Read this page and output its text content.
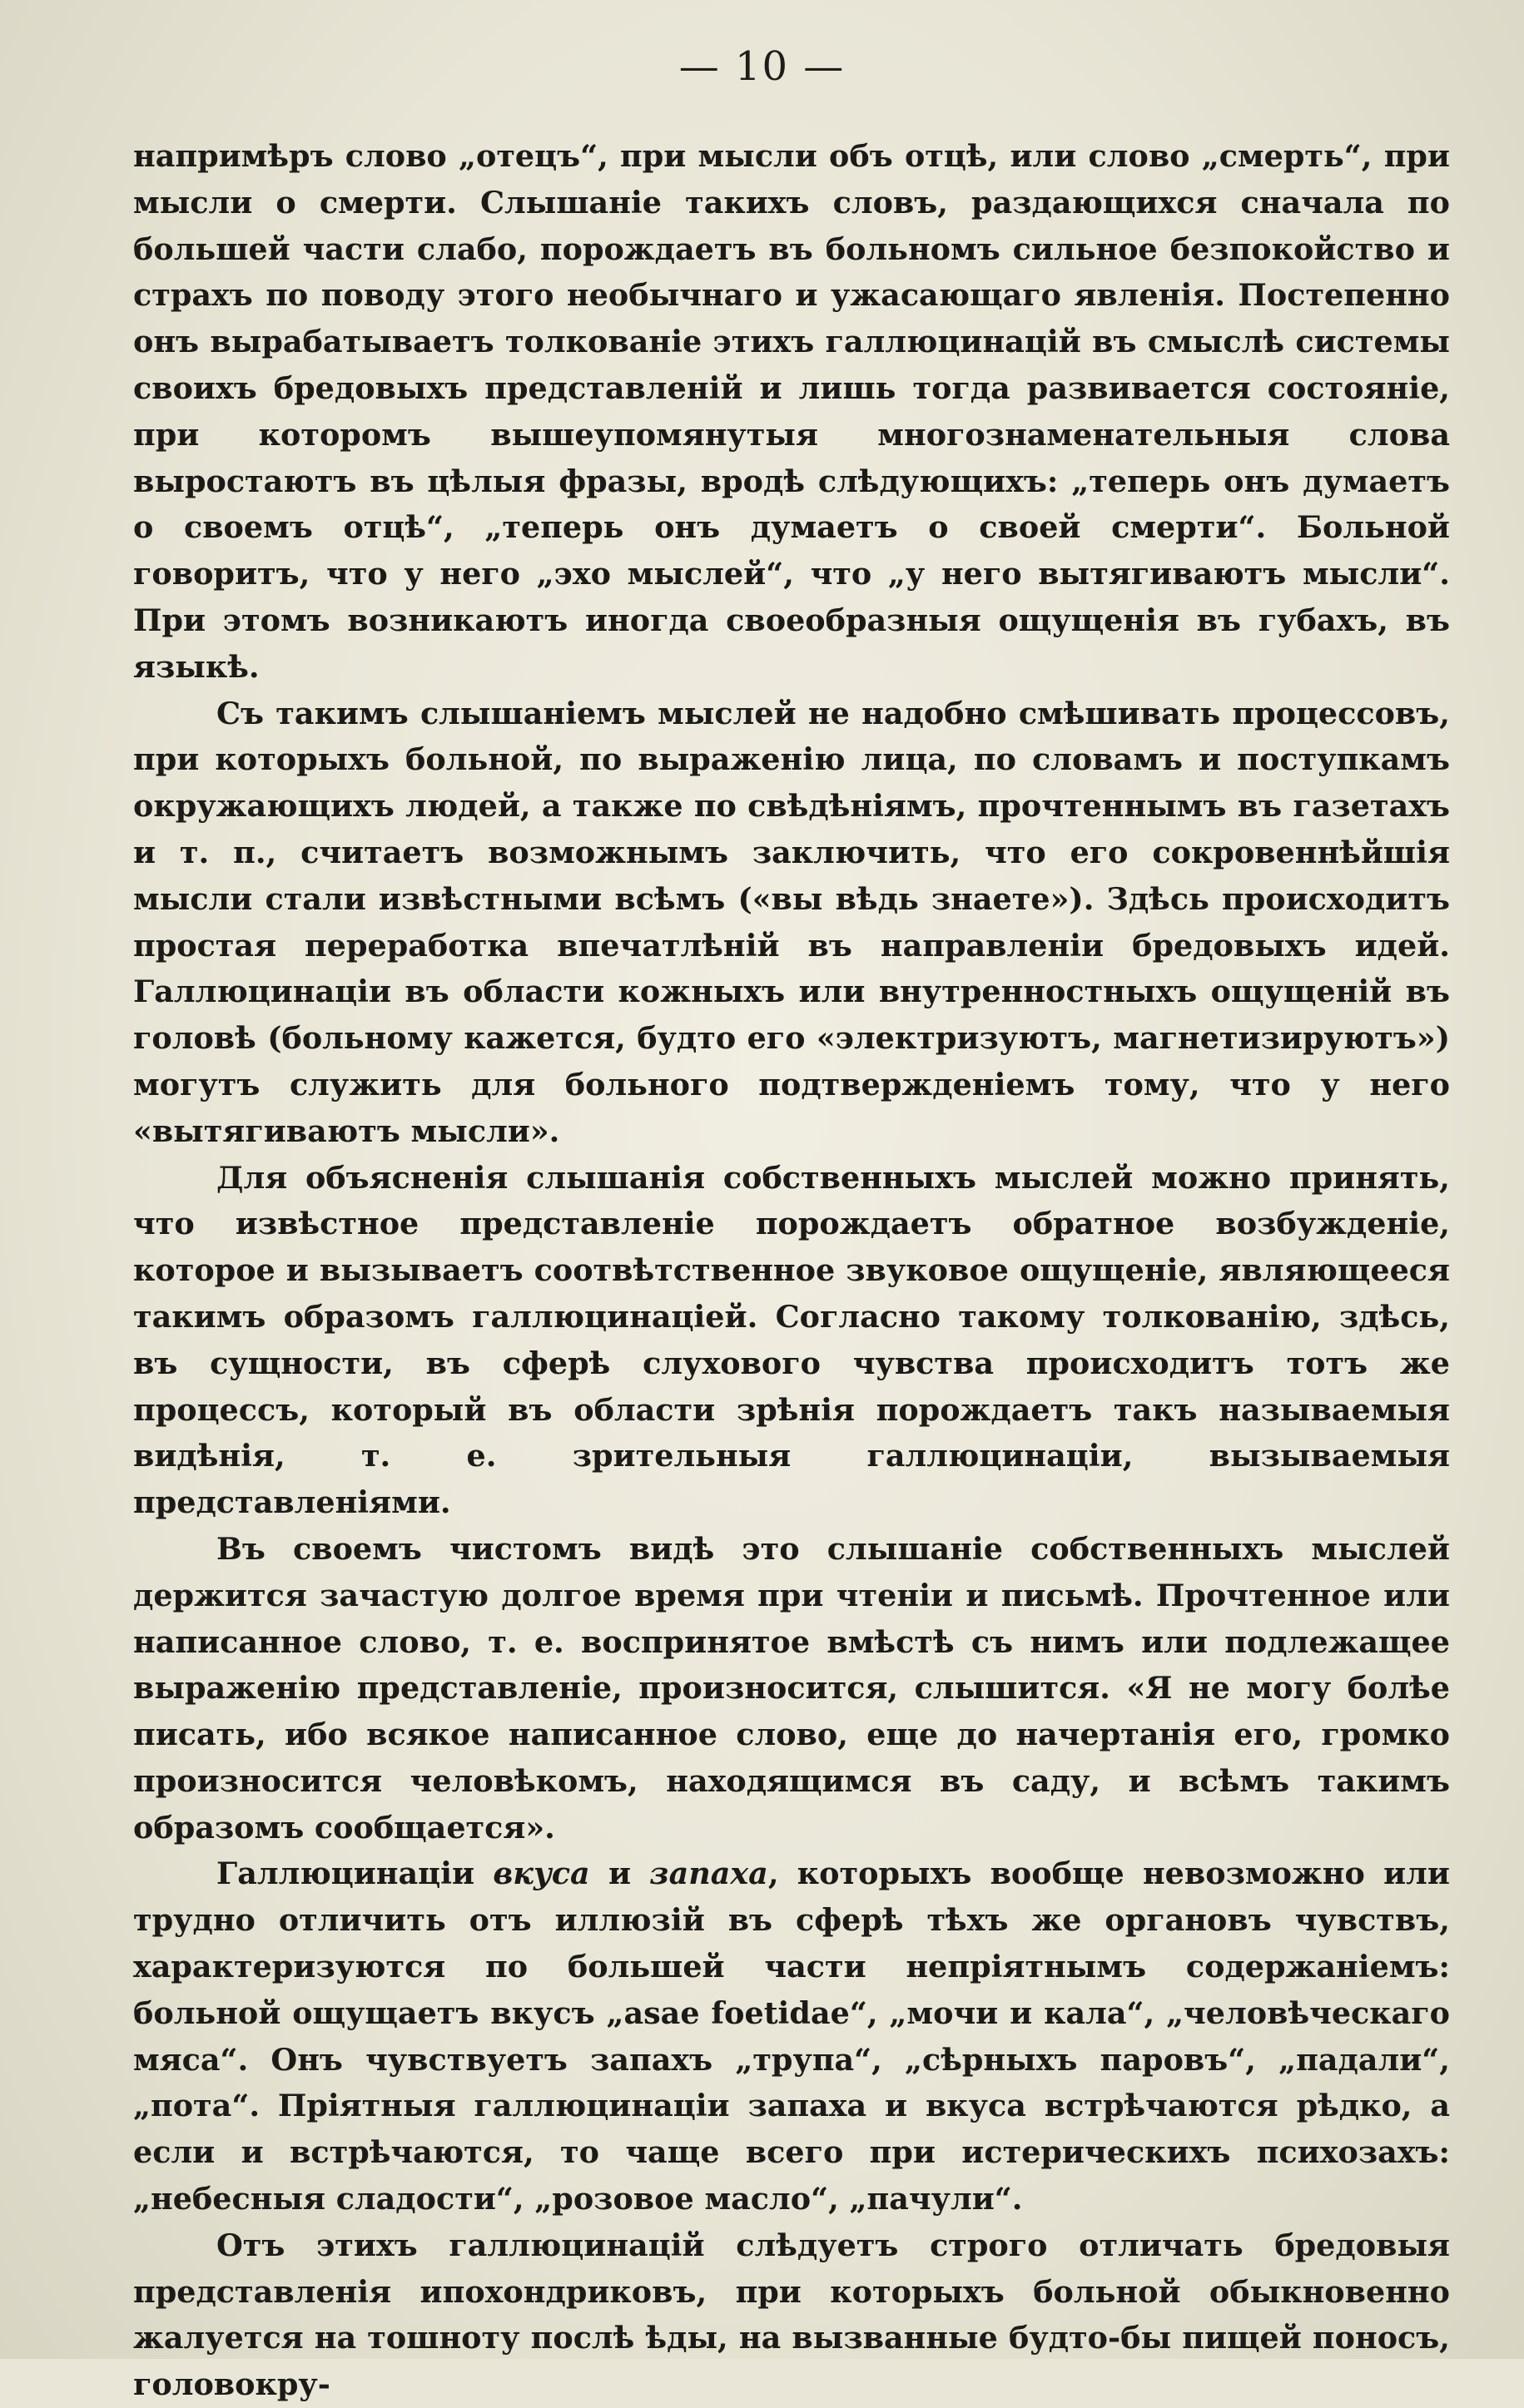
— 10 —

напримѣръ слово „отецъ“, при мысли объ отцѣ, или слово „смерть“, при мысли о смерти. Слышанiе такихъ словъ, раздающихся сначала по большей части слабо, порождаетъ въ больномъ сильное безпокойство и страхъ по поводу этого необычнаго и ужасающаго явленiя. Постепенно онъ вырабатываетъ толкованiе этихъ галлюцинацiй въ смыслѣ системы своихъ бредовыхъ представленiй и лишь тогда развивается состоянiе, при которомъ вышеупомянутыя многознаменательныя слова выростаютъ въ цѣлыя фразы, вродѣ слѣдующихъ: „теперь онъ думаетъ о своемъ отцѣ“, „теперь онъ думаетъ о своей смерти“. Больной говоритъ, что у него „эхо мыслей“, что „у него вытягиваютъ мысли“. При этомъ возникаютъ иногда своеобразныя ощущенiя въ губахъ, въ языкѣ.

Съ такимъ слышанiемъ мыслей не надобно смѣшивать процессовъ, при которыхъ больной, по выраженiю лица, по словамъ и поступкамъ окружающихъ людей, а также по свѣдѣнiямъ, прочтеннымъ въ газетахъ и т. п., считаетъ возможнымъ заключить, что его сокровеннѣйшiя мысли стали извѣстными всѣмъ («вы вѣдь знаете»). Здѣсь происходитъ простая переработка впечатлѣнiй въ направленiи бредовыхъ идей. Галлюцинацiи въ области кожныхъ или внутренностныхъ ощущенiй въ головѣ (больному кажется, будто его «электризуютъ, магнетизируютъ») могутъ служить для больного подтвержденiемъ тому, что у него «вытягиваютъ мысли».

Для объясненiя слышанiя собственныхъ мыслей можно принять, что извѣстное представленiе порождаетъ обратное возбужденiе, которое и вызываетъ соотвѣтственное звуковое ощущенiе, являющееся такимъ образомъ галлюцинацiей. Согласно такому толкованiю, здѣсь, въ сущности, въ сферѣ слухового чувства происходитъ тотъ же процессъ, который въ области зрѣнiя порождаетъ такъ называемыя видѣнiя, т. е. зрительныя галлюцинацiи, вызываемыя представленiями.

Въ своемъ чистомъ видѣ это слышанiе собственныхъ мыслей держится зачастую долгое время при чтенiи и письмѣ. Прочтенное или написанное слово, т. е. воспринятое вмѣстѣ съ нимъ или подлежащее выраженiю представленiе, произносится, слышится. «Я не могу болѣе писать, ибо всякое написанное слово, еще до начертанiя его, громко произносится человѣкомъ, находящимся въ саду, и всѣмъ такимъ образомъ сообщается».

Галлюцинацiи вкуса и запаха, которыхъ вообще невозможно или трудно отличить отъ иллюзiй въ сферѣ тѣхъ же органовъ чувствъ, характеризуются по большей части непрiятнымъ содержанiемъ: больной ощущаетъ вкусъ „asae foetidae“, „мочи и кала“, „человѣческаго мяса“. Онъ чувствуетъ запахъ „трупа“, „сѣрныхъ паровъ“, „падали“, „пота“. Прiятныя галлюцинацiи запаха и вкуса встрѣчаются рѣдко, а если и встрѣчаются, то чаще всего при истерическихъ психозахъ: „небесныя сладости“, „розовое масло“, „пачули“.

Отъ этихъ галлюцинацiй слѣдуетъ строго отличать бредовыя представленiя ипохондриковъ, при которыхъ больной обыкновенно жалуется на тошноту послѣ ѣды, на вызванные будто-бы пищей поносъ, головокру-
